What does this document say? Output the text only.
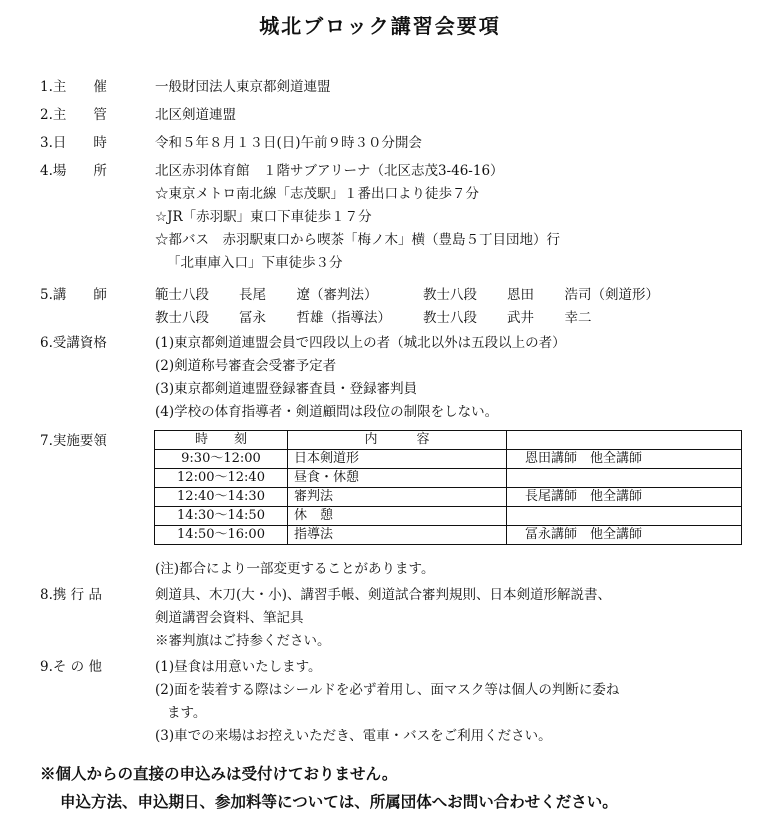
城北ブロック講習会要項
1.主　　催	一般財団法人東京都剣道連盟
2.主　　管	北区剣道連盟
3.日　　時	令和５年８月１３日(日)午前９時３０分開会
4.場　　所	北区赤羽体育館　１階サブアリーナ（北区志茂3-46-16）
☆東京メトロ南北線「志茂駅」１番出口より徒歩７分
☆JR「赤羽駅」東口下車徒歩１７分
☆都バス　赤羽駅東口から喫茶「梅ノ木」横（豊島５丁目団地）行
「北車庫入口」下車徒歩３分
5.講　　師	範士八段	長尾	　遼（審判法）	教士八段	恩田	　浩司（剣道形）
教士八段	冨永	　哲雄（指導法） 教士八段	武井	　幸二
6.受講資格	(1)東京都剣道連盟会員で四段以上の者（城北以外は五段以上の者）
(2)剣道称号審査会受審予定者
(3)東京都剣道連盟登録審査員・登録審判員
(4)学校の体育指導者・剣道顧問は段位の制限をしない。
7.実施要領	時　　刻	内　　　容	
9:30〜12:00	日本剣道形	恩田講師　他全講師
12:00〜12:40	昼食・休憩	
12:40〜14:30	審判法	長尾講師　他全講師
14:30〜14:50	休　憩	
14:50〜16:00	指導法	冨永講師　他全講師
(注)都合により一部変更することがあります。
8.携 行 品	剣道具、木刀(大・小)、講習手帳、剣道試合審判規則、日本剣道形解説書、
剣道講習会資料、筆記具
※審判旗はご持参ください。
9.そ の 他	(1)昼食は用意いたします。
(2)面を装着する際はシールドを必ず着用し、面マスク等は個人の判断に委ね
ます。
(3)車での来場はお控えいただき、電車・バスをご利用ください。
※個人からの直接の申込みは受付けておりません。
申込方法、申込期日、参加料等については、所属団体へお問い合わせください。
